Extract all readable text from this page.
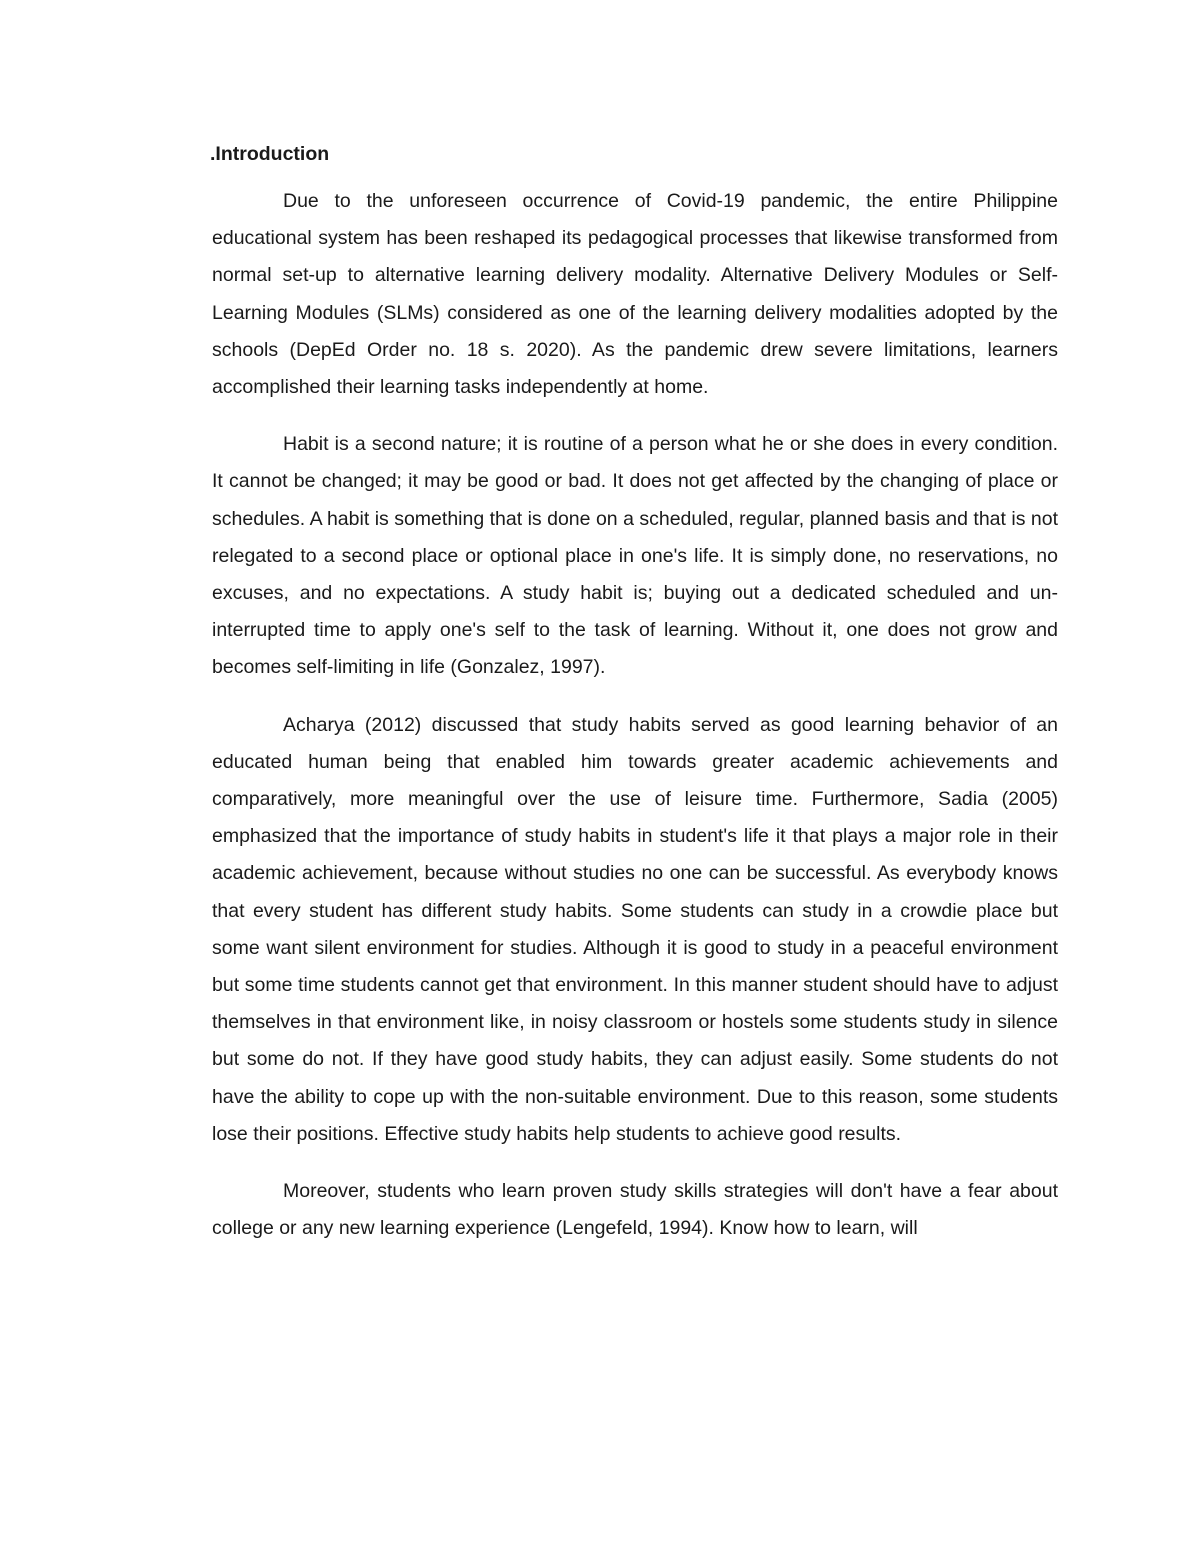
.Introduction

Due to the unforeseen occurrence of Covid-19 pandemic, the entire Philippine educational system has been reshaped its pedagogical processes that likewise transformed from normal set-up to alternative learning delivery modality. Alternative Delivery Modules or Self-Learning Modules (SLMs) considered as one of the learning delivery modalities adopted by the schools (DepEd Order no. 18 s. 2020). As the pandemic drew severe limitations, learners accomplished their learning tasks independently at home.

Habit is a second nature; it is routine of a person what he or she does in every condition. It cannot be changed; it may be good or bad. It does not get affected by the changing of place or schedules. A habit is something that is done on a scheduled, regular, planned basis and that is not relegated to a second place or optional place in one's life. It is simply done, no reservations, no excuses, and no expectations. A study habit is; buying out a dedicated scheduled and un-interrupted time to apply one's self to the task of learning. Without it, one does not grow and becomes self-limiting in life (Gonzalez, 1997).

Acharya (2012) discussed that study habits served as good learning behavior of an educated human being that enabled him towards greater academic achievements and comparatively, more meaningful over the use of leisure time. Furthermore, Sadia (2005) emphasized that the importance of study habits in student's life it that plays a major role in their academic achievement, because without studies no one can be successful. As everybody knows that every student has different study habits. Some students can study in a crowdie place but some want silent environment for studies. Although it is good to study in a peaceful environment but some time students cannot get that environment. In this manner student should have to adjust themselves in that environment like, in noisy classroom or hostels some students study in silence but some do not. If they have good study habits, they can adjust easily. Some students do not have the ability to cope up with the non-suitable environment. Due to this reason, some students lose their positions. Effective study habits help students to achieve good results.

Moreover, students who learn proven study skills strategies will don't have a fear about college or any new learning experience (Lengefeld, 1994). Know how to learn, will
